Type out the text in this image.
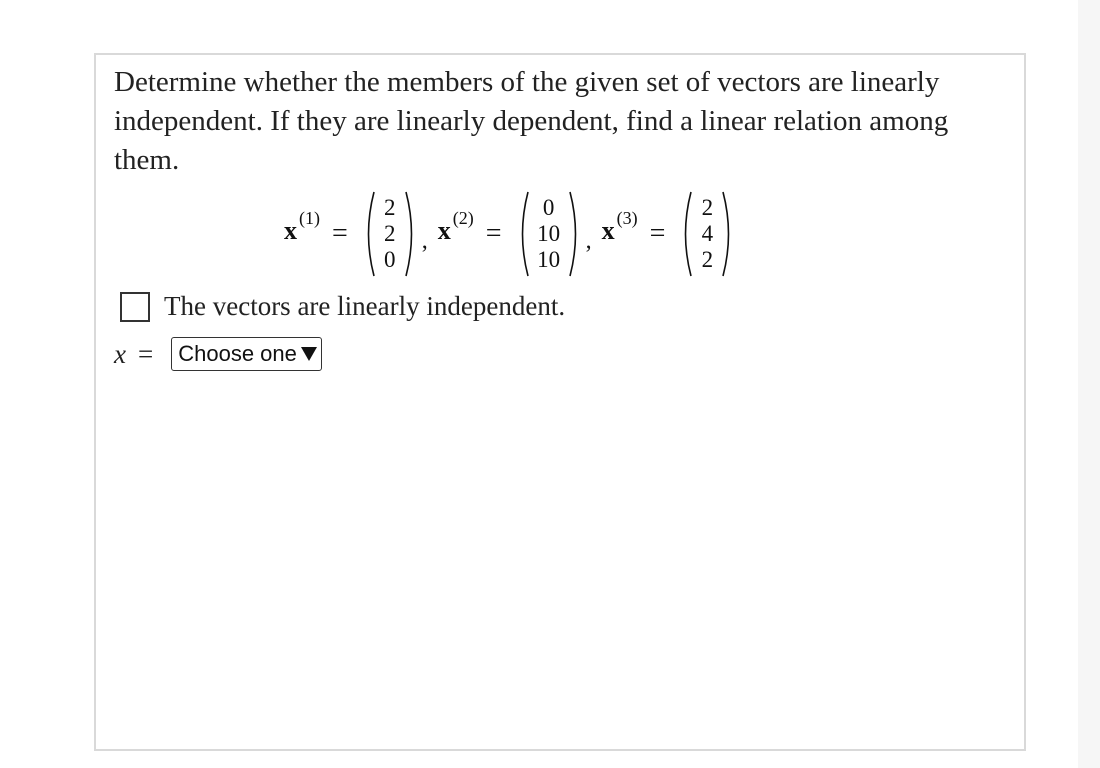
Determine whether the members of the given set of vectors are linearly independent. If they are linearly dependent, find a linear relation among them.

x (1) =
2
2
0
, x (2) =
0
10
10
, x (3) =
2
4
2
The vectors are linearly independent.
x = Choose one
